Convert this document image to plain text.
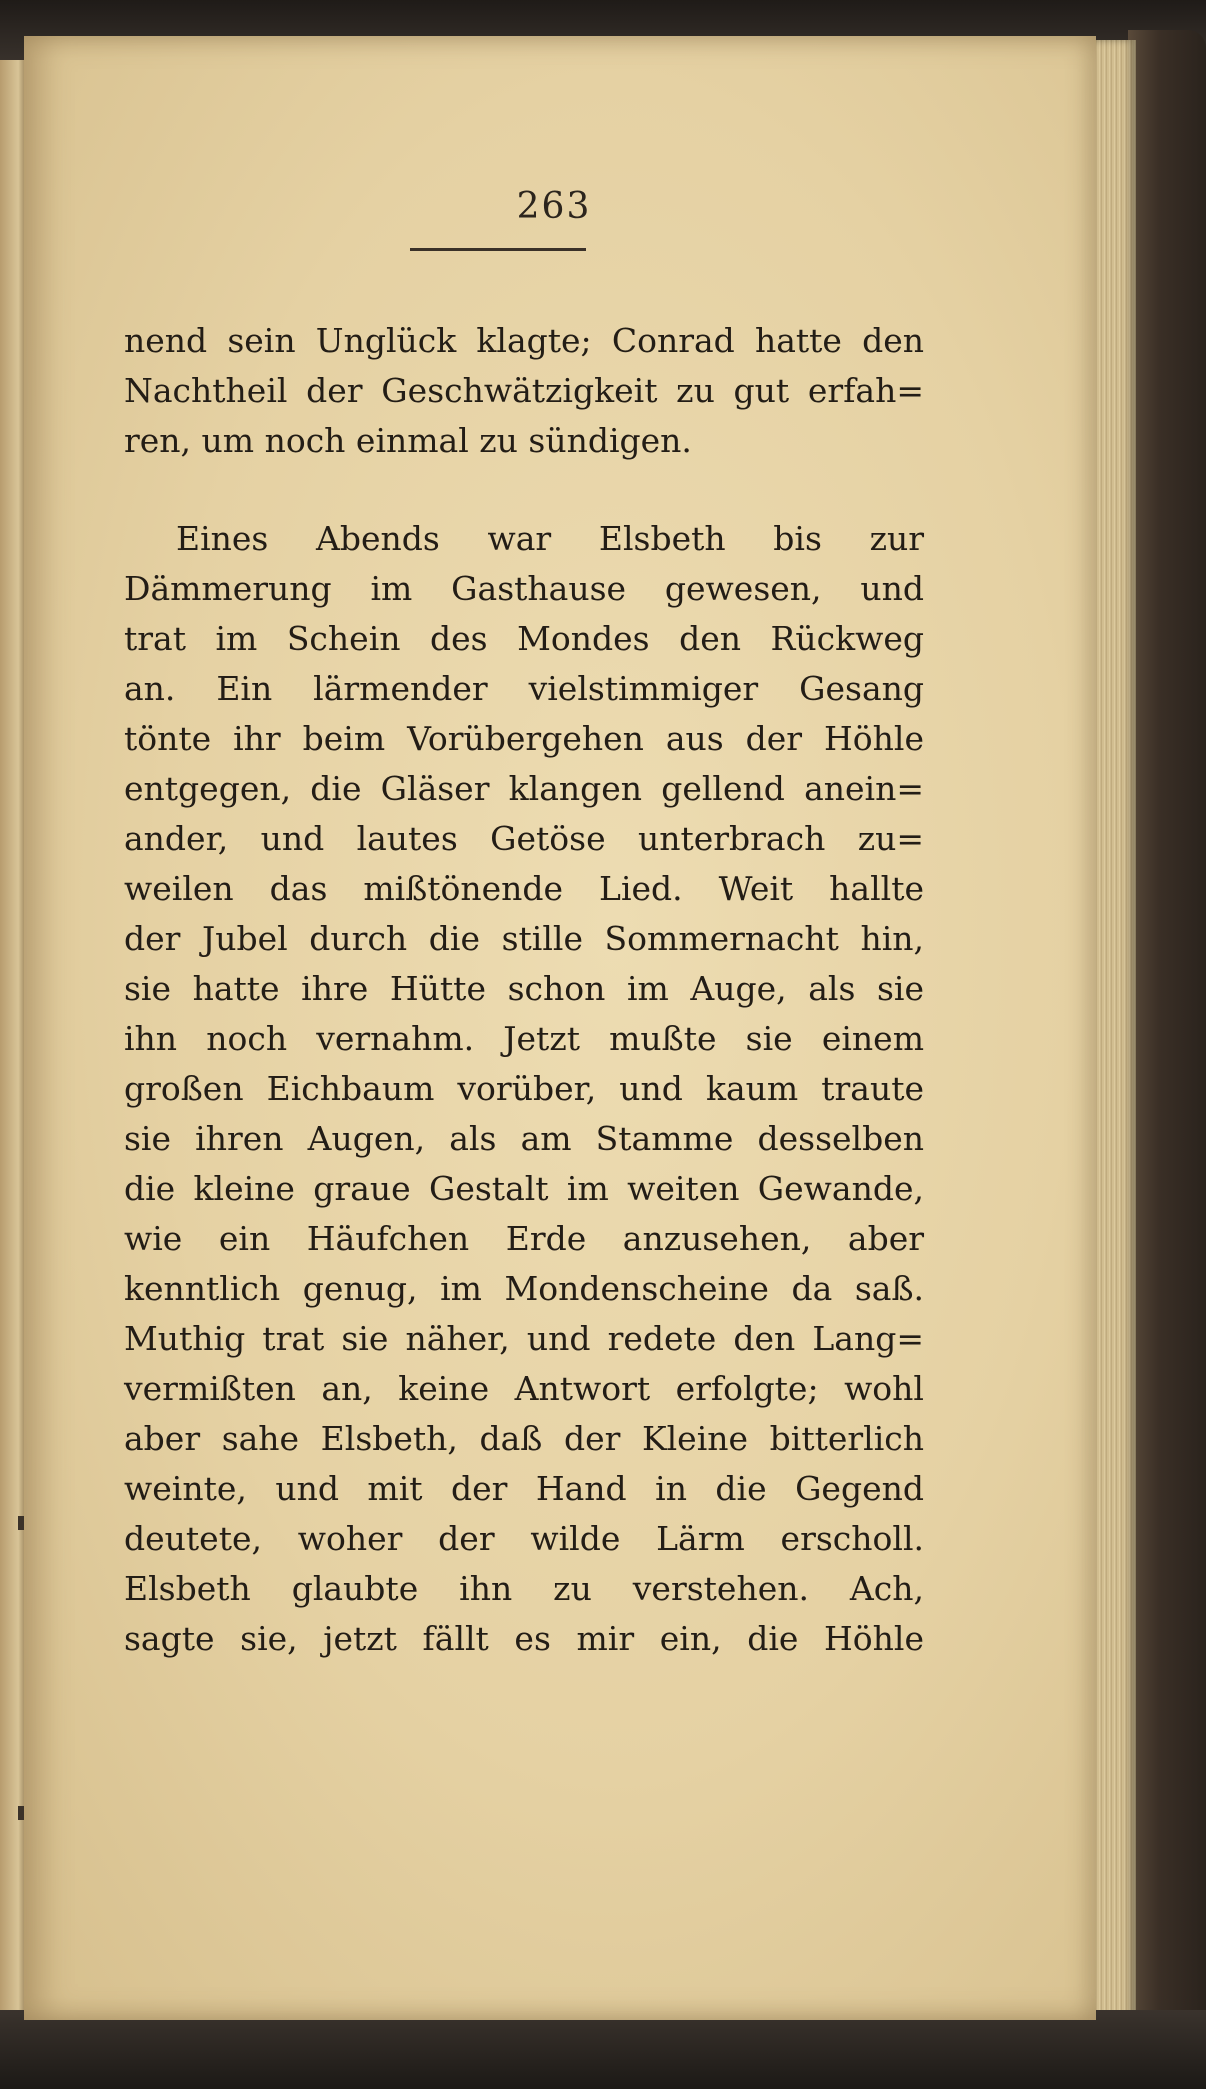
263
nend sein Unglück klagte; Conrad hatte den
Nachtheil der Geschwätzigkeit zu gut erfah=
ren, um noch einmal zu sündigen.
Eines Abends war Elsbeth bis zur
Dämmerung im Gasthause gewesen, und
trat im Schein des Mondes den Rückweg
an. Ein lärmender vielstimmiger Gesang
tönte ihr beim Vorübergehen aus der Höhle
entgegen, die Gläser klangen gellend anein=
ander, und lautes Getöse unterbrach zu=
weilen das mißtönende Lied. Weit hallte
der Jubel durch die stille Sommernacht hin,
sie hatte ihre Hütte schon im Auge, als sie
ihn noch vernahm. Jetzt mußte sie einem
großen Eichbaum vorüber, und kaum traute
sie ihren Augen, als am Stamme desselben
die kleine graue Gestalt im weiten Gewande,
wie ein Häufchen Erde anzusehen, aber
kenntlich genug, im Mondenscheine da saß.
Muthig trat sie näher, und redete den Lang=
vermißten an, keine Antwort erfolgte; wohl
aber sahe Elsbeth, daß der Kleine bitterlich
weinte, und mit der Hand in die Gegend
deutete, woher der wilde Lärm erscholl.
Elsbeth glaubte ihn zu verstehen. Ach,
sagte sie, jetzt fällt es mir ein, die Höhle
